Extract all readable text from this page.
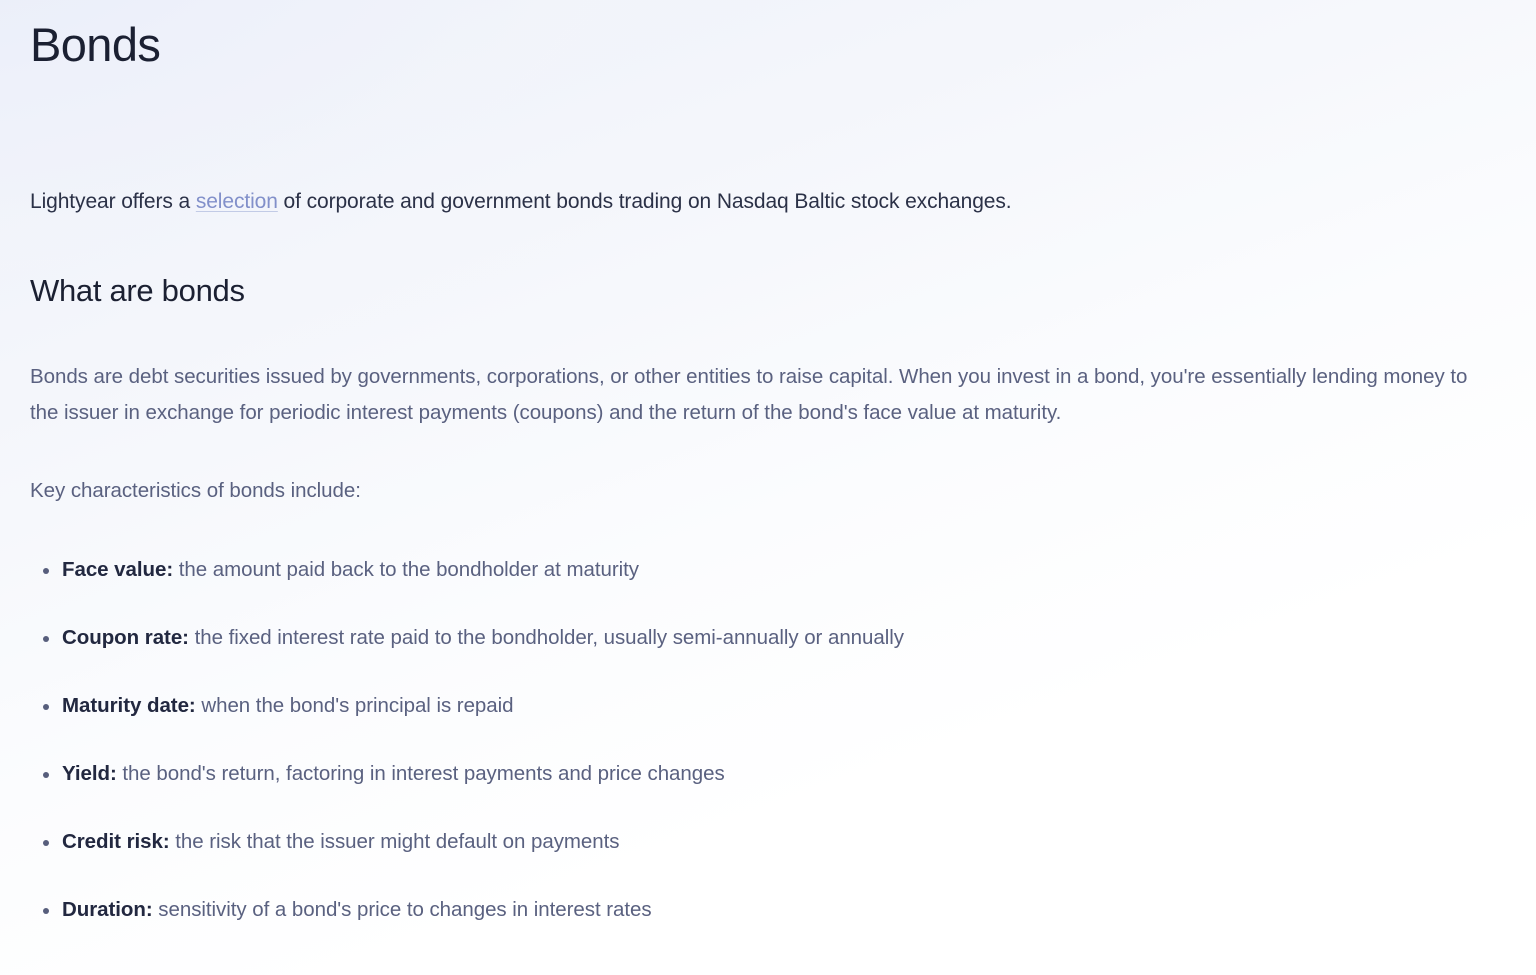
Bonds

Lightyear offers a selection of corporate and government bonds trading on Nasdaq Baltic stock exchanges.

What are bonds

Bonds are debt securities issued by governments, corporations, or other entities to raise capital. When you invest in a bond, you're essentially lending money to the issuer in exchange for periodic interest payments (coupons) and the return of the bond's face value at maturity.

Key characteristics of bonds include:

Face value: the amount paid back to the bondholder at maturity
Coupon rate: the fixed interest rate paid to the bondholder, usually semi-annually or annually
Maturity date: when the bond's principal is repaid
Yield: the bond's return, factoring in interest payments and price changes
Credit risk: the risk that the issuer might default on payments
Duration: sensitivity of a bond's price to changes in interest rates
